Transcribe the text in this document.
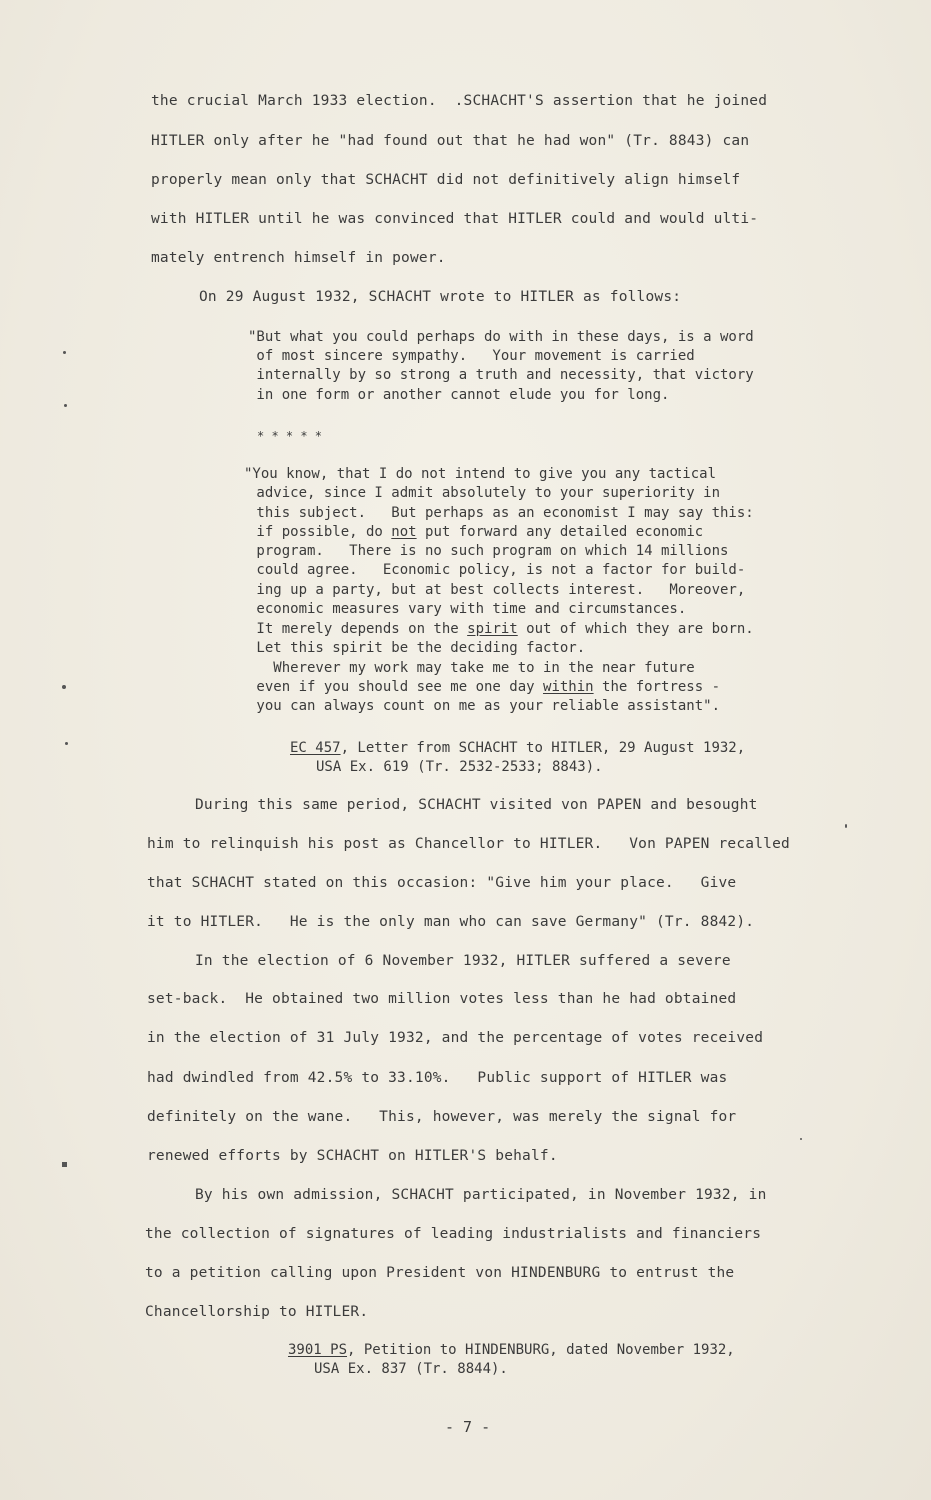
the crucial March 1933 election.  .SCHACHT'S assertion that he joined
HITLER only after he "had found out that he had won" (Tr. 8843) can
properly mean only that SCHACHT did not definitively align himself
with HITLER until he was convinced that HITLER could and would ulti-
mately entrench himself in power.
On 29 August 1932, SCHACHT wrote to HITLER as follows:
"But what you could perhaps do with in these days, is a word
of most sincere sympathy.   Your movement is carried
internally by so strong a truth and necessity, that victory
in one form or another cannot elude you for long.
* * * * *
"You know, that I do not intend to give you any tactical
advice, since I admit absolutely to your superiority in
this subject.   But perhaps as an economist I may say this:
if possible, do not put forward any detailed economic
program.   There is no such program on which 14 millions
could agree.   Economic policy, is not a factor for build-
ing up a party, but at best collects interest.   Moreover,
economic measures vary with time and circumstances.
It merely depends on the spirit out of which they are born.
Let this spirit be the deciding factor.
Wherever my work may take me to in the near future
even if you should see me one day within the fortress -
you can always count on me as your reliable assistant".
EC 457, Letter from SCHACHT to HITLER, 29 August 1932,
USA Ex. 619 (Tr. 2532-2533; 8843).
During this same period, SCHACHT visited von PAPEN and besought
him to relinquish his post as Chancellor to HITLER.   Von PAPEN recalled
that SCHACHT stated on this occasion: "Give him your place.   Give
it to HITLER.   He is the only man who can save Germany" (Tr. 8842).
In the election of 6 November 1932, HITLER suffered a severe
set-back.  He obtained two million votes less than he had obtained
in the election of 31 July 1932, and the percentage of votes received
had dwindled from 42.5% to 33.10%.   Public support of HITLER was
definitely on the wane.   This, however, was merely the signal for
renewed efforts by SCHACHT on HITLER'S behalf.
By his own admission, SCHACHT participated, in November 1932, in
the collection of signatures of leading industrialists and financiers
to a petition calling upon President von HINDENBURG to entrust the
Chancellorship to HITLER.
3901 PS, Petition to HINDENBURG, dated November 1932,
USA Ex. 837 (Tr. 8844).
- 7 -
